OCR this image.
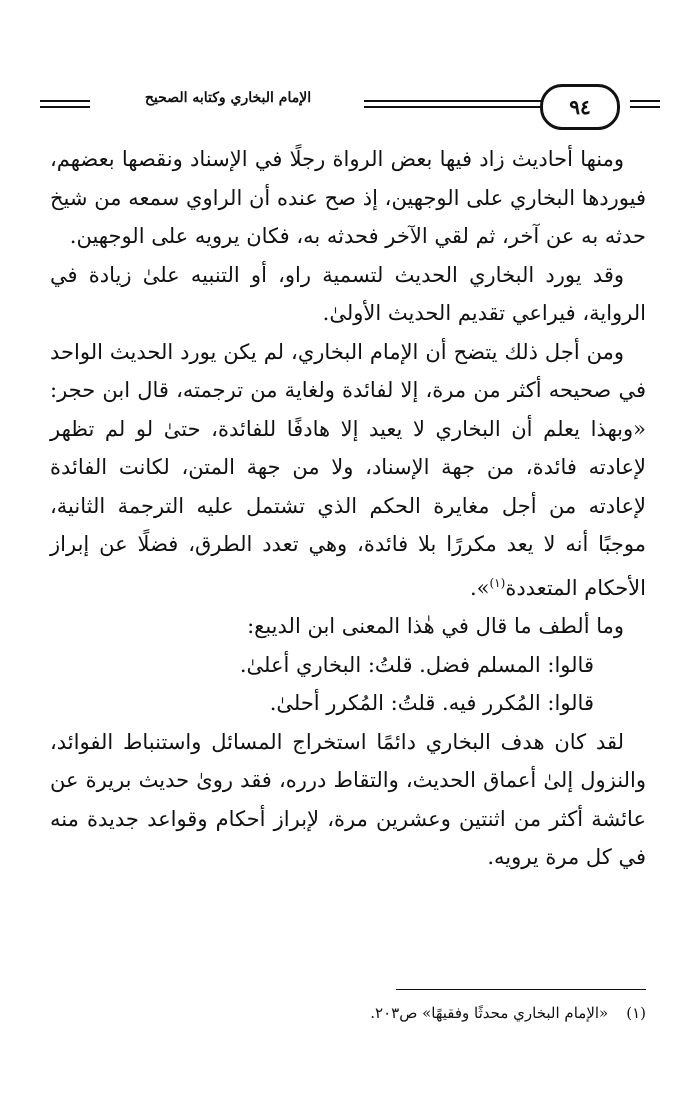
٩٤
الإمام البخاري وكتابه الصحيح

ومنها أحاديث زاد فيها بعض الرواة رجلًا في الإسناد ونقصها بعضهم، فيوردها البخاري على الوجهين، إذ صح عنده أن الراوي سمعه من شيخ حدثه به عن آخر، ثم لقي الآخر فحدثه به، فكان يرويه على الوجهين.

وقد يورد البخاري الحديث لتسمية راو، أو التنبيه علىٰ زيادة في الرواية، فيراعي تقديم الحديث الأولىٰ.

ومن أجل ذلك يتضح أن الإمام البخاري، لم يكن يورد الحديث الواحد في صحيحه أكثر من مرة، إلا لفائدة ولغاية من ترجمته، قال ابن حجر: «وبهذا يعلم أن البخاري لا يعيد إلا هادفًا للفائدة، حتىٰ لو لم تظهر لإعادته فائدة، من جهة الإسناد، ولا من جهة المتن، لكانت الفائدة لإعادته من أجل مغايرة الحكم الذي تشتمل عليه الترجمة الثانية، موجبًا أنه لا يعد مكررًا بلا فائدة، وهي تعدد الطرق، فضلًا عن إبراز الأحكام المتعددة$^{(١)}$».

وما ألطف ما قال في هٰذا المعنى ابن الديبع:

قالوا: المسلم فضل. قلتُ: البخاري أعلىٰ.

قالوا: المُكرر فيه. قلتُ: المُكرر أحلىٰ.

لقد كان هدف البخاري دائمًا استخراج المسائل واستنباط الفوائد، والنزول إلىٰ أعماق الحديث، والتقاط درره، فقد روىٰ حديث بريرة عن عائشة أكثر من اثنتين وعشرين مرة، لإبراز أحكام وقواعد جديدة منه في كل مرة يرويه.

(١)«الإمام البخاري محدثًا وفقيهًا» ص٢٠٣.
